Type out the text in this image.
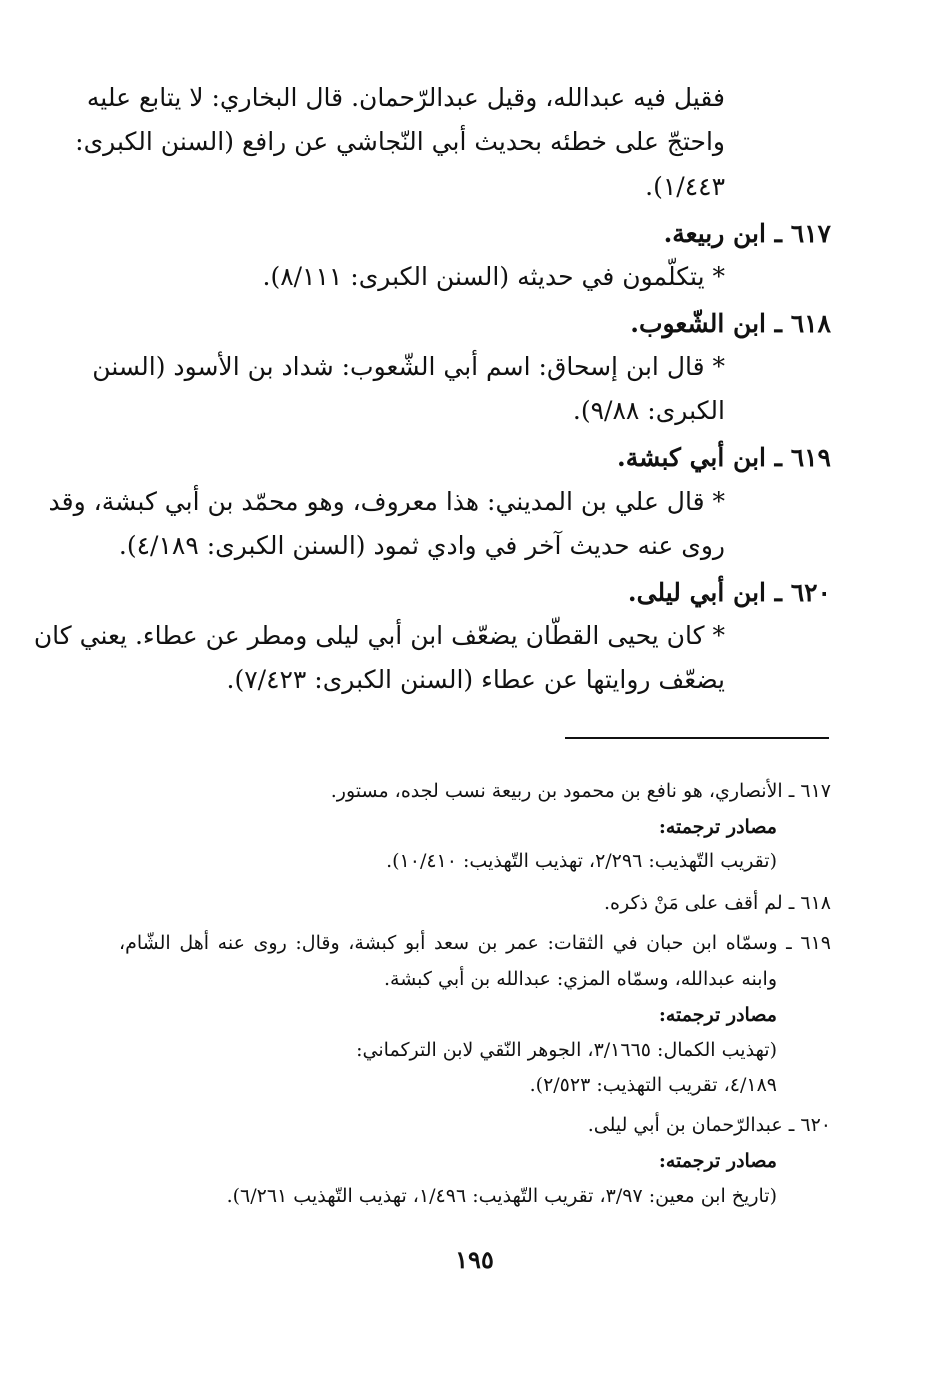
فقيل فيه عبدالله، وقيل عبدالرّحمان. قال البخاري: لا يتابع عليه
واحتجّ على خطئه بحديث أبي النّجاشي عن رافع (السنن الكبرى:
١/٤٤٣).
٦١٧ ـ ابن ربيعة.
* يتكلّمون في حديثه (السنن الكبرى: ٨/١١١).
٦١٨ ـ ابن الشّعوب.
* قال ابن إسحاق: اسم أبي الشّعوب: شداد بن الأسود (السنن
الكبرى: ٩/٨٨).
٦١٩ ـ ابن أبي كبشة.
* قال علي بن المديني: هذا معروف، وهو محمّد بن أبي كبشة، وقد
روى عنه حديث آخر في وادي ثمود (السنن الكبرى: ٤/١٨٩).
٦٢٠ ـ ابن أبي ليلى.
* كان يحيى القطّان يضعّف ابن أبي ليلى ومطر عن عطاء. يعني كان
يضعّف روايتها عن عطاء (السنن الكبرى: ٧/٤٢٣).
٦١٧ ـ الأنصاري، هو نافع بن محمود بن ربيعة نسب لجده، مستور.
مصادر ترجمته:
(تقريب التّهذيب: ٢/٢٩٦، تهذيب التّهذيب: ١٠/٤١٠).
٦١٨ ـ لم أقف على مَنْ ذكره.
٦١٩ ـ وسمّاه ابن حبان في الثقات: عمر بن سعد أبو كبشة، وقال: روى عنه أهل الشّام،
وابنه عبدالله، وسمّاه المزي: عبدالله بن أبي كبشة.
مصادر ترجمته:
(تهذيب الكمال: ٣/١٦٦٥، الجوهر النّقي لابن التركماني:
٤/١٨٩، تقريب التهذيب: ٢/٥٢٣).
٦٢٠ ـ عبدالرّحمان بن أبي ليلى.
مصادر ترجمته:
(تاريخ ابن معين: ٣/٩٧، تقريب التّهذيب: ١/٤٩٦، تهذيب التّهذيب ٦/٢٦١).
١٩٥
